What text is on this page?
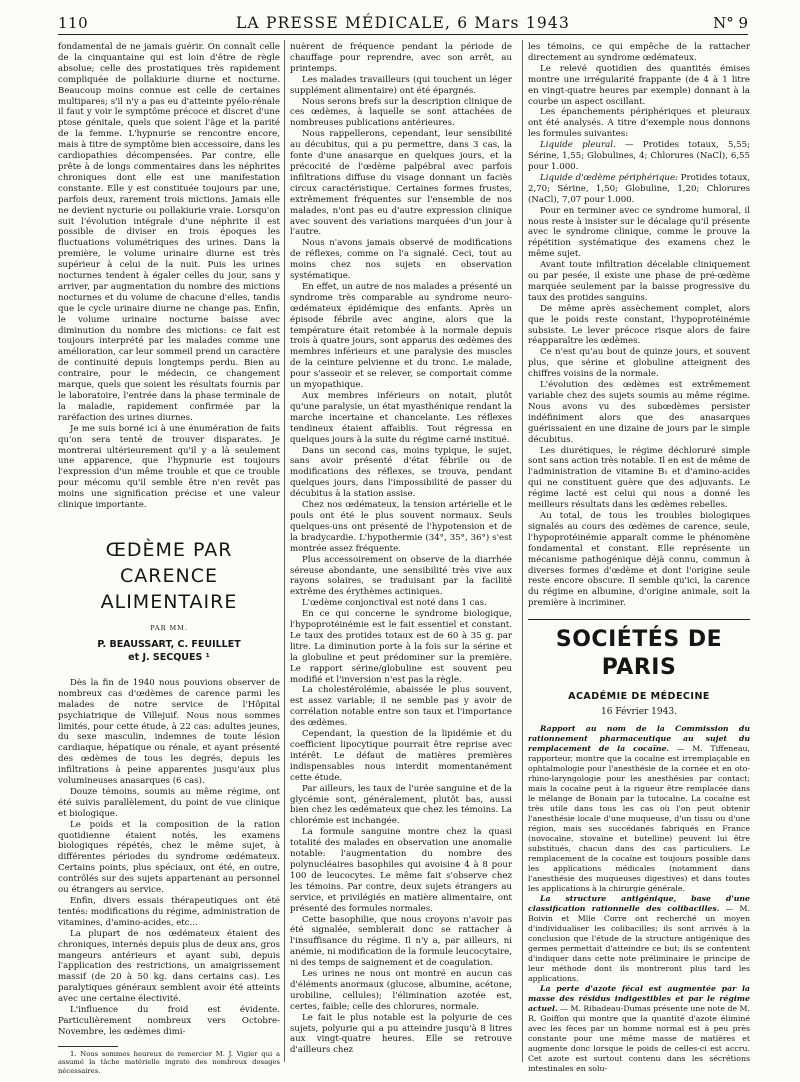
110	LA PRESSE MÉDICALE, 6 Mars 1943	N° 9

fondamental de ne jamais guérir. On connaît celle de la cinquantaine qui est loin d'être de règle absolue; celle des prostatiques très rapidement compliquée de pollakiurie diurne et nocturne. Beaucoup moins connue est celle de certaines multipares; s'il n'y a pas eu d'atteinte pyélo-rénale il faut y voir le symptôme précoce et discret d'une ptose génitale, quels que soient l'âge et la parité de la femme. L'hypnurie se rencontre encore, mais à titre de symptôme bien accessoire, dans les cardiopathies décompensées. Par contre, elle prête à de longs commentaires dans les néphrites chroniques dont elle est une manifestation constante. Elle y est constituée toujours par une, parfois deux, rarement trois mictions. Jamais elle ne devient nycturie ou pollakiurie vraie. Lorsqu'on suit l'évolution intégrale d'une néphrite il est possible de diviser en trois époques les fluctuations volumétriques des urines. Dans la première, le volume urinaire diurne est très supérieur à celui de la nuit. Puis les urines nocturnes tendent à égaler celles du jour, sans y arriver, par augmentation du nombre des mictions nocturnes et du volume de chacune d'elles, tandis que le cycle urinaire diurne ne change pas. Enfin, le volume urinaire nocturne baisse avec diminution du nombre des mictions: ce fait est toujours interprété par les malades comme une amélioration, car leur sommeil prend un caractère de continuité depuis longtemps perdu. Bien au contraire, pour le médecin, ce changement marque, quels que soient les résultats fournis par le laboratoire, l'entrée dans la phase terminale de la maladie, rapidement confirmée par la raréfaction des urines diurnes.

Je me suis borné ici à une énumération de faits qu'on sera tenté de trouver disparates. Je montrerai ultérieurement qu'il y a là seulement une apparence, que l'hypnurie est toujours l'expression d'un même trouble et que ce trouble pour mécomu qu'il semble être n'en revêt pas moins une signification précise et une valeur clinique importante.

ŒDÈME PAR CARENCE
ALIMENTAIRE
PAR MM.
P. BEAUSSART, C. FEUILLET
et J. SECQUES ¹

Dès la fin de 1940 nous pouvions observer de nombreux cas d'œdèmes de carence parmi les malades de notre service de l'Hôpital psychiatrique de Villejuif. Nous nous sommes limités, pour cette étude, à 22 cas: adultes jeunes, du sexe masculin, indemnes de toute lésion cardiaque, hépatique ou rénale, et ayant présenté des œdèmes de tous les degrés, depuis les infiltrations à peine apparentes jusqu'aux plus volumineuses anasarques (6 cas).

Douze témoins, soumis au même régime, ont été suivis parallèlement, du point de vue clinique et biologique.

Le poids et la composition de la ration quotidienne étaient notés, les examens biologiques répétés, chez le même sujet, à différentes périodes du syndrome œdémateux. Certains points, plus spéciaux, ont été, en outre, contrôlés sur des sujets appartenant au personnel ou étrangers au service.

Enfin, divers essais thérapeutiques ont été tentés: modifications du régime, administration de vitamines, d'amino-acides, etc...

La plupart de nos œdémateux étaient des chroniques, internés depuis plus de deux ans, gros mangeurs antérieurs et ayant subi, depuis l'application des restrictions, un amaigrissement massif (de 20 à 50 kg. dans certains cas). Les paralytiques généraux semblent avoir été atteints avec une certaine électivité.

L'influence du froid est évidente. Particulièrement nombreux vers Octobre-Novembre, les œdèmes dimi-

1. Nous sommes heureux de remercier M. J. Vigier qui a assumé la tâche matérielle ingrate des nombreux dosages nécessaires.

nuèrent de fréquence pendant la période de chauffage pour reprendre, avec son arrêt, au printemps.

Les malades travailleurs (qui touchent un léger supplément alimentaire) ont été épargnés.

Nous serons brefs sur la description clinique de ces œdèmes, à laquelle se sont attachées de nombreuses publications antérieures.

Nous rappellerons, cependant, leur sensibilité au décubitus, qui a pu permettre, dans 3 cas, la fonte d'une anasarque en quelques jours, et la précocité de l'œdème palpébral avec parfois infiltrations diffuse du visage donnant un faciès circux caractéristique. Certaines formes frustes, extrêmement fréquentes sur l'ensemble de nos malades, n'ont pas eu d'autre expression clinique avec souvent des variations marquées d'un jour à l'autre.

Nous n'avons jamais observé de modifications de réflexes, comme on l'a signalé. Ceci, tout au moins chez nos sujets en observation systématique.

En effet, un autre de nos malades a présenté un syndrome très comparable au syndrome neuro-œdémateux épidémique des enfants. Après un épisode fébrile avec angine, alors que la température était retombée à la normale depuis trois à quatre jours, sont apparus des œdèmes des membres inférieurs et une paralysie des muscles de la ceinture pelvienne et du tronc. Le malade, pour s'asseoir et se relever, se comportait comme un myopathique.

Aux membres inférieurs on notait, plutôt qu'une paralysie, un état myasthénique rendant la marche incertaine et chancelante. Les réflexes tendineux étaient affaiblis. Tout régressa en quelques jours à la suite du régime carné institué.

Dans un second cas, moins typique, le sujet, sans avoir présenté d'état fébrile ou de modifications des réflexes, se trouva, pendant quelques jours, dans l'impossibilité de passer du décubitus à la station assise.

Chez nos œdémateux, la tension artérielle et le pouls ont été le plus souvent normaux. Seuls quelques-uns ont présenté de l'hypotension et de la bradycardie. L'hypothermie (34°, 35°, 36°) s'est montrée assez fréquente.

Plus accessoirement on observe de la diarrhée séreuse abondante, une sensibilité très vive aux rayons solaires, se traduisant par la facilité extrême des érythèmes actiniques.

L'œdème conjonctival est noté dans 1 cas.

En ce qui concerne le syndrome biologique, l'hypoprotéinémie est le fait essentiel et constant. Le taux des protides totaux est de 60 à 35 g. par litre. La diminution porte à la fois sur la sérine et la globuline et peut prédominer sur la première. Le rapport sérine/globuline est souvent peu modifié et l'inversion n'est pas la règle.

La cholestérolémie, abaissée le plus souvent, est assez variable; il ne semble pas y avoir de corrélation notable entre son taux et l'importance des œdèmes.

Cependant, la question de la lipidémie et du coefficient lipocytique pourrait être reprise avec intérêt. Le défaut de matières premières indispensables nous interdit momentanément cette étude.

Par ailleurs, les taux de l'urée sanguine et de la glycémie sont, généralement, plutôt bas, aussi bien chez les œdémateux que chez les témoins. La chlorémie est inchangée.

La formule sanguine montre chez la quasi totalité des malades en observation une anomalie notable: l'augmentation du nombre des polynucléaires basophiles qui avoisine 4 à 8 pour 100 de leucocytes. Le même fait s'observe chez les témoins. Par contre, deux sujets étrangers au service, et privilégiés en matière alimentaire, ont présenté des formules normales.

Cette basophilie, que nous croyons n'avoir pas été signalée, semblerait donc se rattacher à l'insuffisance du régime. Il n'y a, par ailleurs, ni anémie, ni modification de la formule leucocytaire, ni des temps de saignement et de coagulation.

Les urines ne nous ont montré en aucun cas d'éléments anormaux (glucose, albumine, acétone, urobiline, cellules); l'élimination azotée est, certes, faible; celle des chlorures, normale.

Le fait le plus notable est la polyurie de ces sujets, polyurie qui a pu atteindre jusqu'à 8 litres aux vingt-quatre heures. Elle se retrouve d'ailleurs chez

les témoins, ce qui empêche de la rattacher directement au syndrome œdémateux.

Le relevé quotidien des quantités émises montre une irrégularité frappante (de 4 à 1 litre en vingt-quatre heures par exemple) donnant à la courbe un aspect oscillant.

Les épanchements périphériques et pleuraux ont été analysés. A titre d'exemple nous donnons les formules suivantes:

Liquide pleural. — Protides totaux, 5,55; Sérine, 1,55; Globulines, 4; Chlorures (NaCl), 6,55 pour 1.000.

Liquide d'œdème périphérique: Protides totaux, 2,70; Sérine, 1,50; Globuline, 1,20; Chlorures (NaCl), 7,07 pour 1.000.

Pour en terminer avec ce syndrome humoral, il nous reste à insister sur le décalage qu'il présente avec le syndrome clinique, comme le prouve la répétition systématique des examens chez le même sujet.

Avant toute infiltration décelable cliniquement ou par pesée, il existe une phase de pré-œdème marquée seulement par la baisse progressive du taux des protides sanguins.

De même après assèchement complet, alors que le poids reste constant, l'hypoprotéinémie subsiste. Le lever précoce risque alors de faire réapparaître les œdèmes.

Ce n'est qu'au bout de quinze jours, et souvent plus, que sérine et globuline atteignent des chiffres voisins de la normale.

L'évolution des œdèmes est extrêmement variable chez des sujets soumis au même régime. Nous avons vu des subœdèmes persister indéfiniment alors que des anasarques guérissaient en une dizaine de jours par le simple décubitus.

Les diurétiques, le régime déchloruré simple sont sans action très notable. Il en est de même de l'administration de vitamine B₁ et d'amino-acides qui ne constituent guère que des adjuvants. Le régime lacté est celui qui nous a donné les meilleurs résultats dans les œdèmes rebelles.

Au total, de tous les troubles biologiques signalés au cours des œdèmes de carence, seule, l'hypoprotéinémie apparaît comme le phénomène fondamental et constant. Elle représente un mécanisme pathogénique déjà connu, commun à diverses formes d'œdème et dont l'origine seule reste encore obscure. Il semble qu'ici, la carence du régime en albumine, d'origine animale, soit la première à incriminer.

SOCIÉTÉS DE PARIS
ACADÉMIE DE MÉDECINE
16 Février 1943.

Rapport au nom de la Commission du rationnement pharmaceutique au sujet du remplacement de la cocaïne. — M. Tiffeneau, rapporteur, montre que la cocaïne est irremplaçable en ophtalmologie pour l'anesthésie de la cornée et en oto-rhino-laryngologie pour les anesthésies par contact; mais la cocaïne peut à la rigueur être remplacée dans le mélange de Bonain par la tutocaïne. La cocaïne est très utile dans tous les cas où l'on peut obtenir l'anesthésie locale d'une muqueuse, d'un tissu ou d'une région, mais ses succédanés fabriqués en France (novocaïne, stovaïne et butelline) peuvent lui être substitués, chacun dans des cas particuliers. Le remplacement de la cocaïne est toujours possible dans les applications médicales (notamment dans l'anesthésie des muqueuses digestives) et dans toutes les applications à la chirurgie générale.

La structure antigénique, base d'une classification rationnelle des colibacilles. — M. Boivin et Mlle Corre ont recherché un moyen d'individualiser les colibacilles; ils sont arrivés à la conclusion que l'étude de la structure antigénique des germes permettait d'atteindre ce but; ils se contentent d'indiquer dans cette note préliminaire le principe de leur méthode dont ils montreront plus tard les applications.

La perte d'azote fécal est augmentée par la masse des résidus indigestibles et par le régime actuel. — M. Ribadeau-Dumas présente une note de M. R. Goiffon qui montre que la quantité d'azote éliminé avec les fèces par un homme normal est à peu près constante pour une même masse de matières et augmente donc lorsque le poids de celles-ci est accru. Cet azote est surtout contenu dans les sécrétions intestinales en solu-
